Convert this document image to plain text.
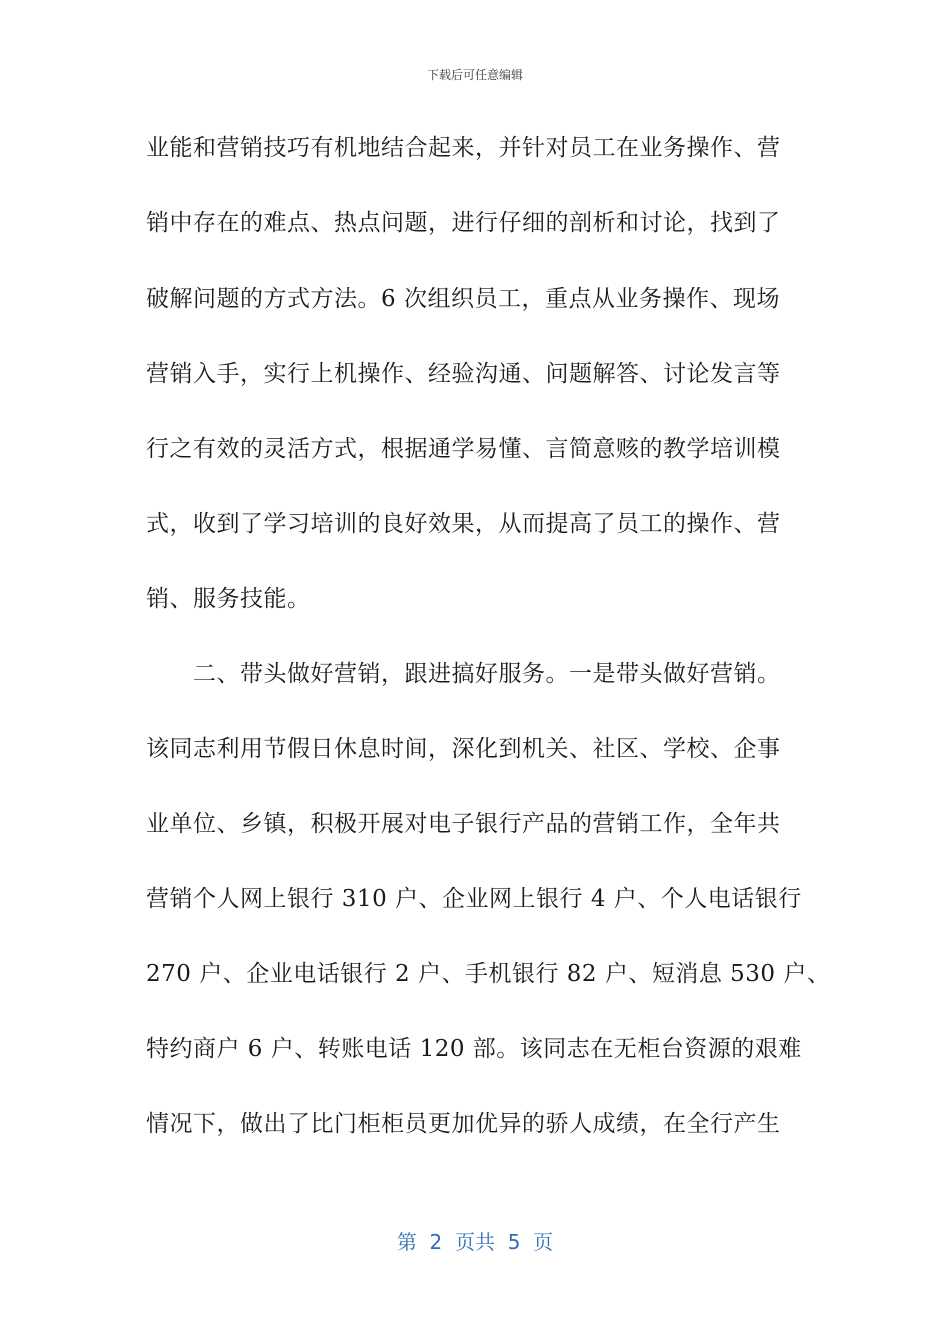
下载后可任意编辑
业能和营销技巧有机地结合起来，并针对员工在业务操作、营
销中存在的难点、热点问题，进行仔细的剖析和讨论，找到了
破解问题的方式方法。6 次组织员工，重点从业务操作、现场
营销入手，实行上机操作、经验沟通、问题解答、讨论发言等
行之有效的灵活方式，根据通学易懂、言简意赅的教学培训模
式，收到了学习培训的良好效果，从而提高了员工的操作、营
销、服务技能。
　　二、带头做好营销，跟进搞好服务。一是带头做好营销。
该同志利用节假日休息时间，深化到机关、社区、学校、企事
业单位、乡镇，积极开展对电子银行产品的营销工作，全年共
营销个人网上银行 310 户、企业网上银行 4 户、个人电话银行
270 户、企业电话银行 2 户、手机银行 82 户、短消息 530 户、
特约商户 6 户、转账电话 120 部。该同志在无柜台资源的艰难
情况下，做出了比门柜柜员更加优异的骄人成绩，在全行产生
第  2  页共  5  页
